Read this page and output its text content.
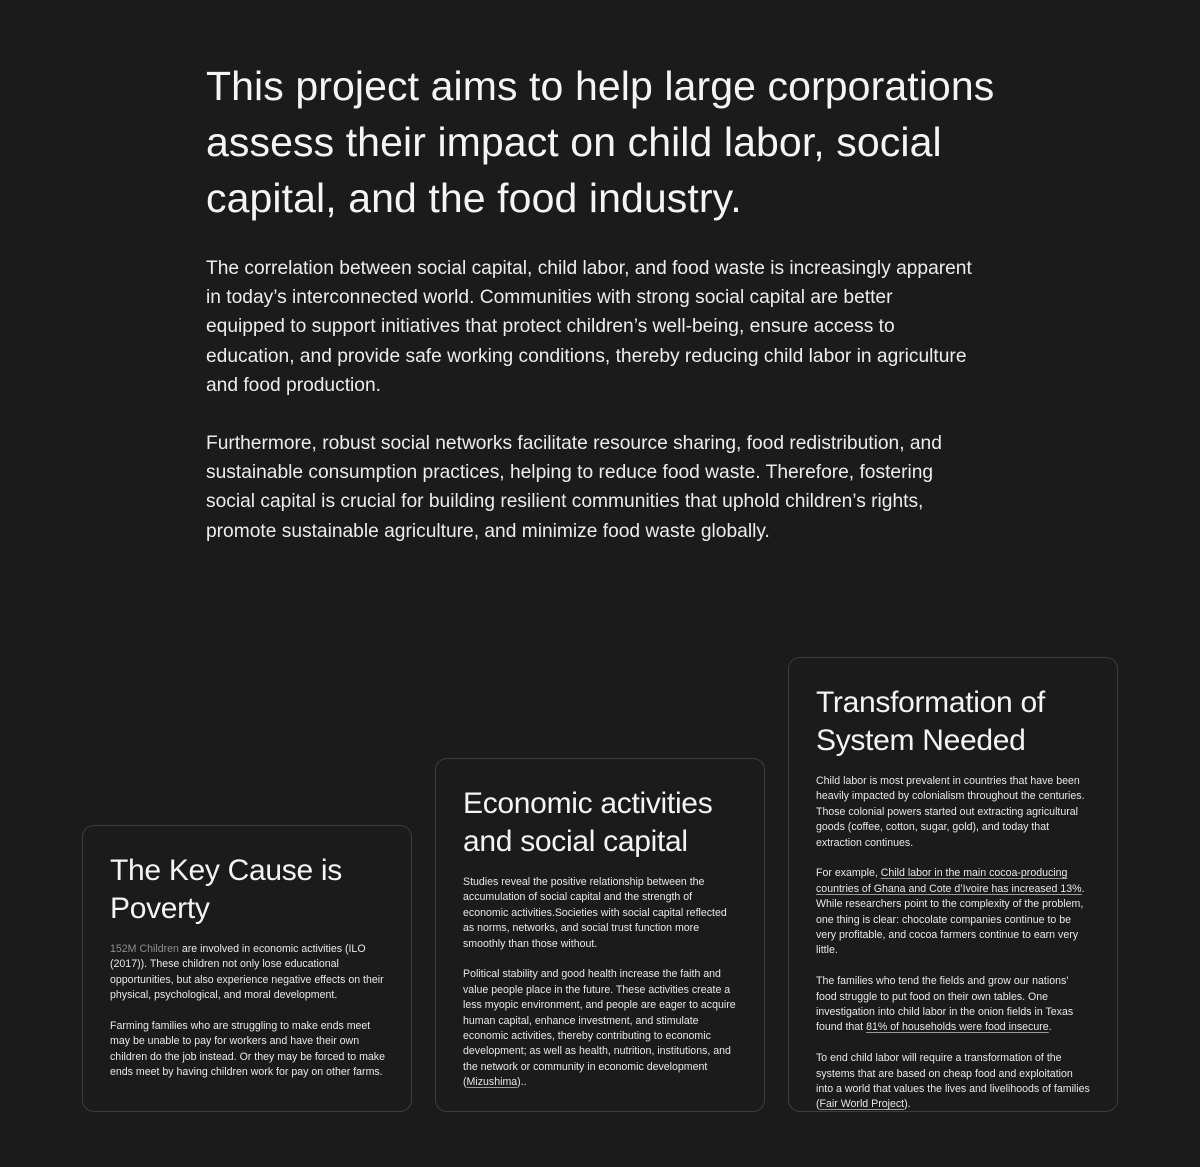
This project aims to help large corporations assess their impact on child labor, social capital, and the food industry.

The correlation between social capital, child labor, and food waste is increasingly apparent in today’s interconnected world. Communities with strong social capital are better equipped to support initiatives that protect children’s well-being, ensure access to education, and provide safe working conditions, thereby reducing child labor in agriculture and food production.

Furthermore, robust social networks facilitate resource sharing, food redistribution, and sustainable consumption practices, helping to reduce food waste. Therefore, fostering social capital is crucial for building resilient communities that uphold children’s rights, promote sustainable agriculture, and minimize food waste globally.

The Key Cause is Poverty

152M Children are involved in economic activities (ILO (2017)). These children not only lose educational opportunities, but also experience negative effects on their physical, psychological, and moral development.

Farming families who are struggling to make ends meet may be unable to pay for workers and have their own children do the job instead. Or they may be forced to make ends meet by having children work for pay on other farms.

Economic activities and social capital

Studies reveal the positive relationship between the accumulation of social capital and the strength of economic activities.Societies with social capital reflected as norms, networks, and social trust function more smoothly than those without.

Political stability and good health increase the faith and value people place in the future. These activities create a less myopic environment, and people are eager to acquire human capital, enhance investment, and stimulate economic activities, thereby contributing to economic development; as well as health, nutrition, institutions, and the network or community in economic development (Mizushima)..

Transformation of System Needed

Child labor is most prevalent in countries that have been heavily impacted by colonialism throughout the centuries. Those colonial powers started out extracting agricultural goods (coffee, cotton, sugar, gold), and today that extraction continues.

For example, Child labor in the main cocoa-producing countries of Ghana and Cote d’Ivoire has increased 13%. While researchers point to the complexity of the problem, one thing is clear: chocolate companies continue to be very profitable, and cocoa farmers continue to earn very little.

The families who tend the fields and grow our nations’ food struggle to put food on their own tables. One investigation into child labor in the onion fields in Texas found that 81% of households were food insecure.

To end child labor will require a transformation of the systems that are based on cheap food and exploitation into a world that values the lives and livelihoods of families (Fair World Project).
